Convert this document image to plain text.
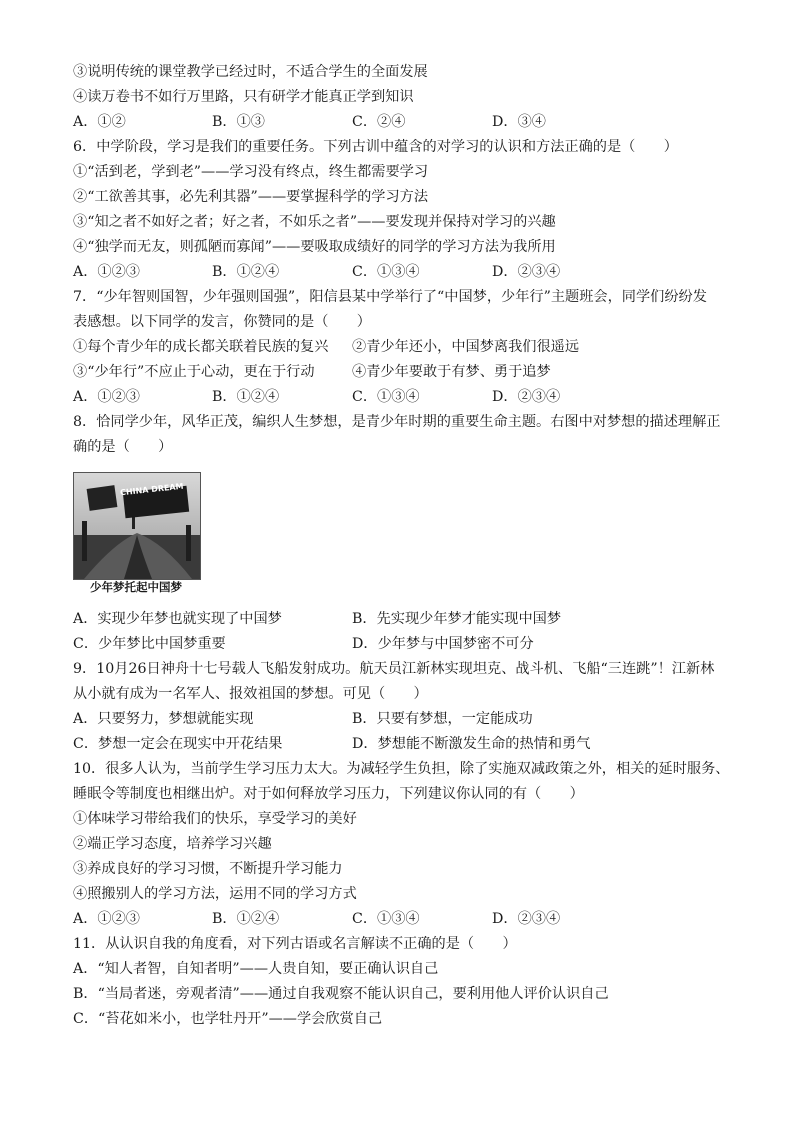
③说明传统的课堂教学已经过时，不适合学生的全面发展
④读万卷书不如行万里路，只有研学才能真正学到知识
A．①②	B．①③	C．②④	D．③④
6．中学阶段，学习是我们的重要任务。下列古训中蕴含的对学习的认识和方法正确的是（　　）
①“活到老，学到老”——学习没有终点，终生都需要学习
②“工欲善其事，必先利其器”——要掌握科学的学习方法
③“知之者不如好之者；好之者，不如乐之者”——要发现并保持对学习的兴趣
④“独学而无友，则孤陋而寡闻”——要吸取成绩好的同学的学习方法为我所用
A．①②③	B．①②④	C．①③④	D．②③④
7．“少年智则国智，少年强则国强”，阳信县某中学举行了“中国梦，少年行”主题班会，同学们纷纷发
表感想。以下同学的发言，你赞同的是（　　）
①每个青少年的成长都关联着民族的复兴 ②青少年还小，中国梦离我们很遥远
③“少年行”不应止于心动，更在于行动	④青少年要敢于有梦、勇于追梦
A．①②③	B．①②④	C．①③④	D．②③④
8．恰同学少年，风华正茂，编织人生梦想，是青少年时期的重要生命主题。右图中对梦想的描述理解正
确的是（　　）
CHINA DREAM
少年梦托起中国梦
A．实现少年梦也就实现了中国梦	B．先实现少年梦才能实现中国梦
C．少年梦比中国梦重要	D．少年梦与中国梦密不可分
9．10月26日神舟十七号载人飞船发射成功。航天员江新林实现坦克、战斗机、飞船“三连跳”！江新林
从小就有成为一名军人、报效祖国的梦想。可见（　　）
A．只要努力，梦想就能实现	B．只要有梦想，一定能成功
C．梦想一定会在现实中开花结果	D．梦想能不断激发生命的热情和勇气
10．很多人认为，当前学生学习压力太大。为减轻学生负担，除了实施双减政策之外，相关的延时服务、
睡眠令等制度也相继出炉。对于如何释放学习压力，下列建议你认同的有（　　）
①体味学习带给我们的快乐，享受学习的美好
②端正学习态度，培养学习兴趣
③养成良好的学习习惯，不断提升学习能力
④照搬别人的学习方法，运用不同的学习方式
A．①②③	B．①②④	C．①③④	D．②③④
11．从认识自我的角度看，对下列古语或名言解读不正确的是（　　）
A．“知人者智，自知者明”——人贵自知，要正确认识自己
B．“当局者迷，旁观者清”——通过自我观察不能认识自己，要利用他人评价认识自己
C．“苔花如米小，也学牡丹开”——学会欣赏自己
